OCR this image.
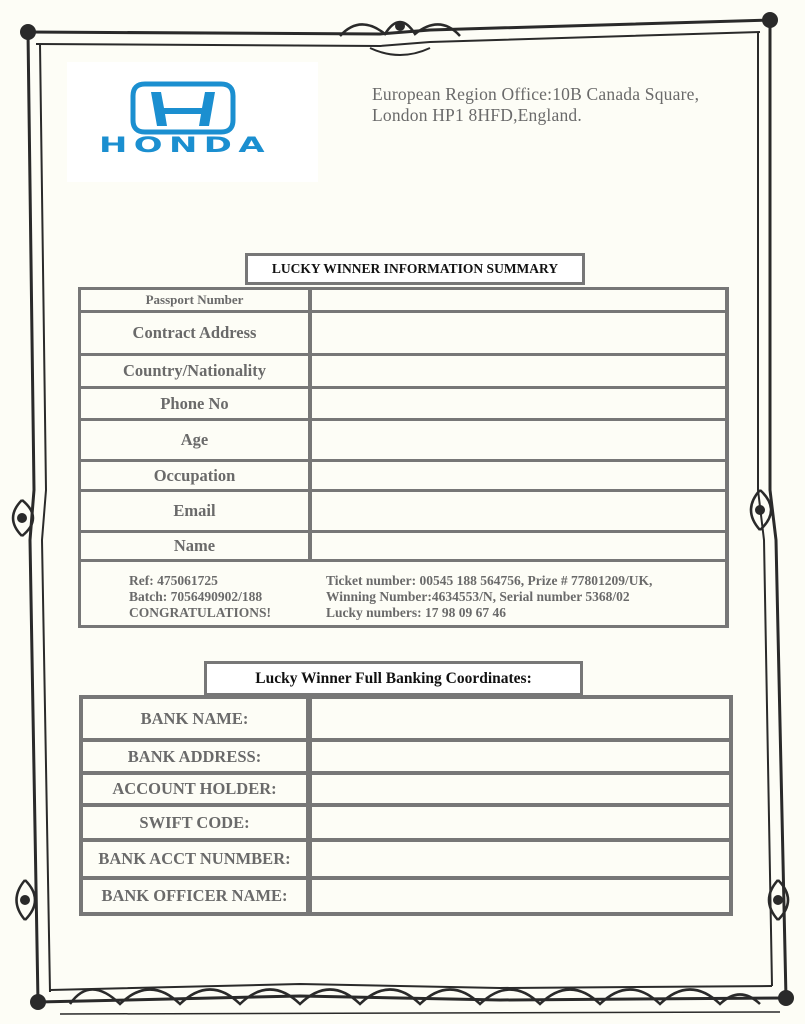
HONDA
European Region Office:10B Canada Square,
London HP1 8HFD,England.
LUCKY WINNER INFORMATION SUMMARY
Passport Number
Contract Address
Country/Nationality
Phone No
Age
Occupation
Email
Name
Ref: 475061725
Batch: 7056490902/188
CONGRATULATIONS!
Ticket number: 00545 188 564756, Prize # 77801209/UK,
Winning Number:4634553/N, Serial number 5368/02
Lucky numbers: 17 98 09 67 46
Lucky Winner Full Banking Coordinates:
BANK NAME:
BANK ADDRESS:
ACCOUNT HOLDER:
SWIFT CODE:
BANK ACCT NUNMBER:
BANK OFFICER NAME:
